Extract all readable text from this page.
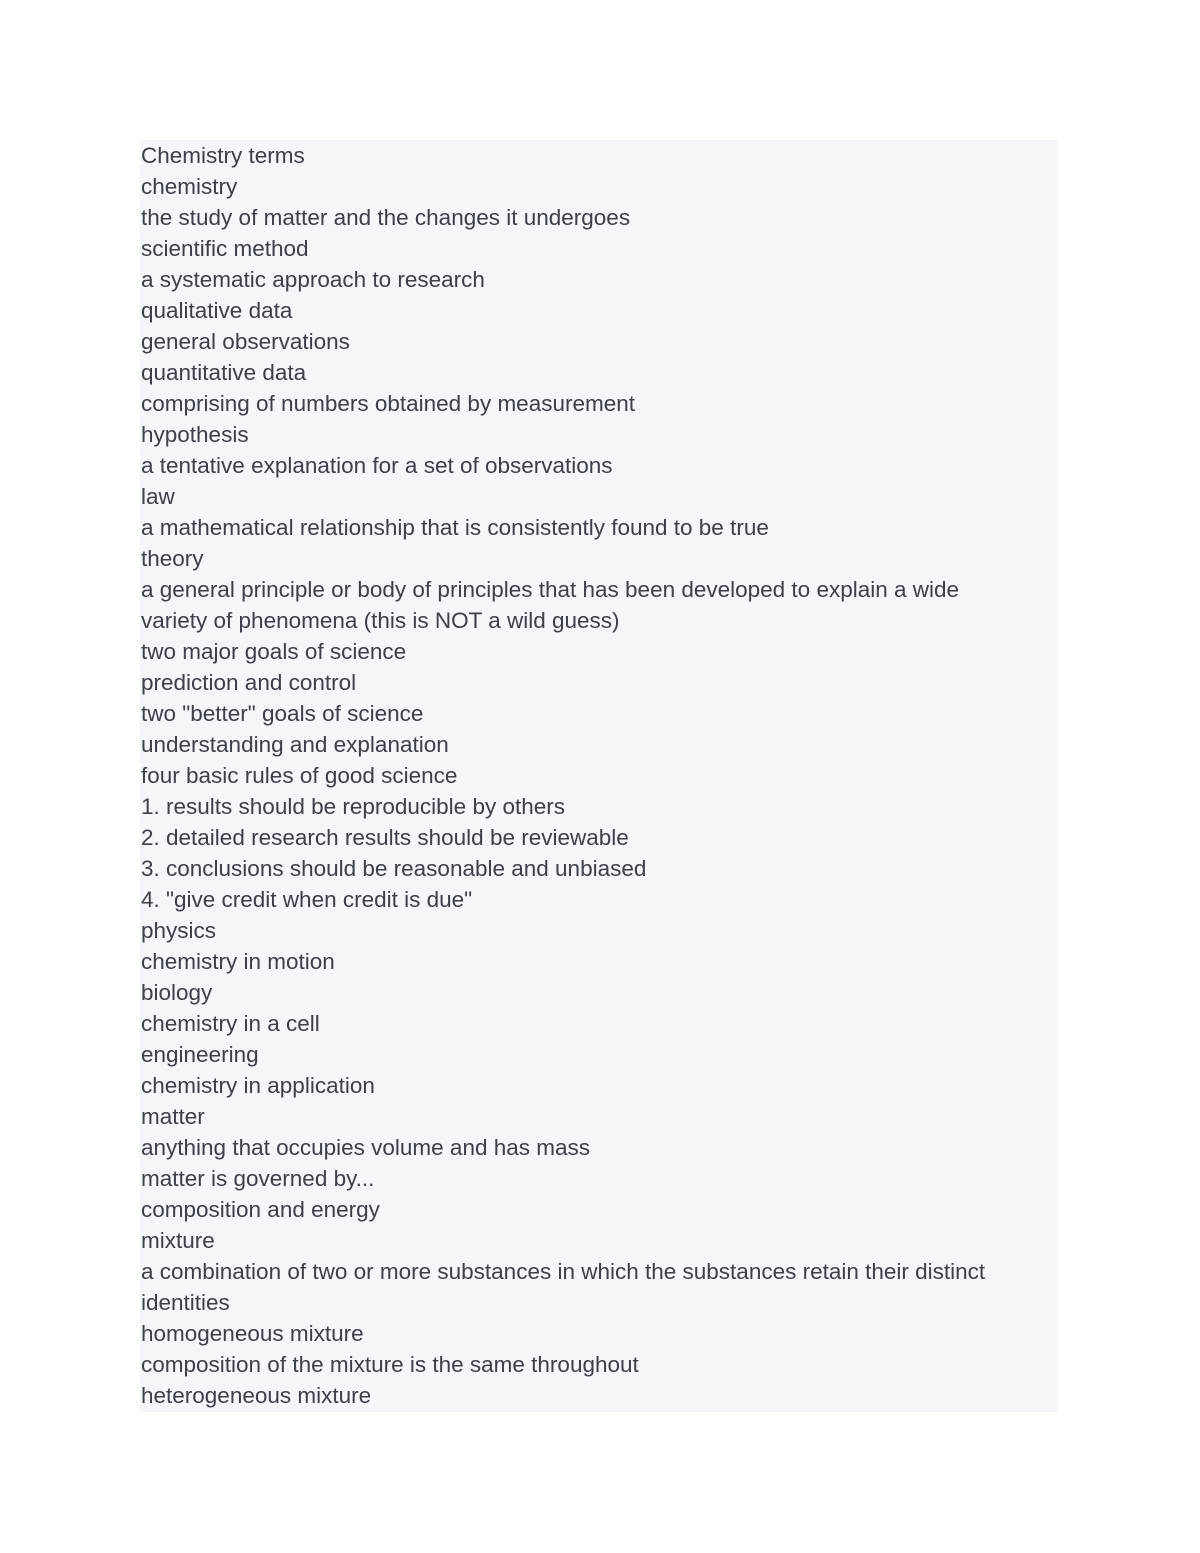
Chemistry terms
chemistry
the study of matter and the changes it undergoes
scientific method
a systematic approach to research
qualitative data
general observations
quantitative data
comprising of numbers obtained by measurement
hypothesis
a tentative explanation for a set of observations
law
a mathematical relationship that is consistently found to be true
theory
a general principle or body of principles that has been developed to explain a wide
variety of phenomena (this is NOT a wild guess)
two major goals of science
prediction and control
two "better" goals of science
understanding and explanation
four basic rules of good science
1. results should be reproducible by others
2. detailed research results should be reviewable
3. conclusions should be reasonable and unbiased
4. "give credit when credit is due"
physics
chemistry in motion
biology
chemistry in a cell
engineering
chemistry in application
matter
anything that occupies volume and has mass
matter is governed by...
composition and energy
mixture
a combination of two or more substances in which the substances retain their distinct
identities
homogeneous mixture
composition of the mixture is the same throughout
heterogeneous mixture
